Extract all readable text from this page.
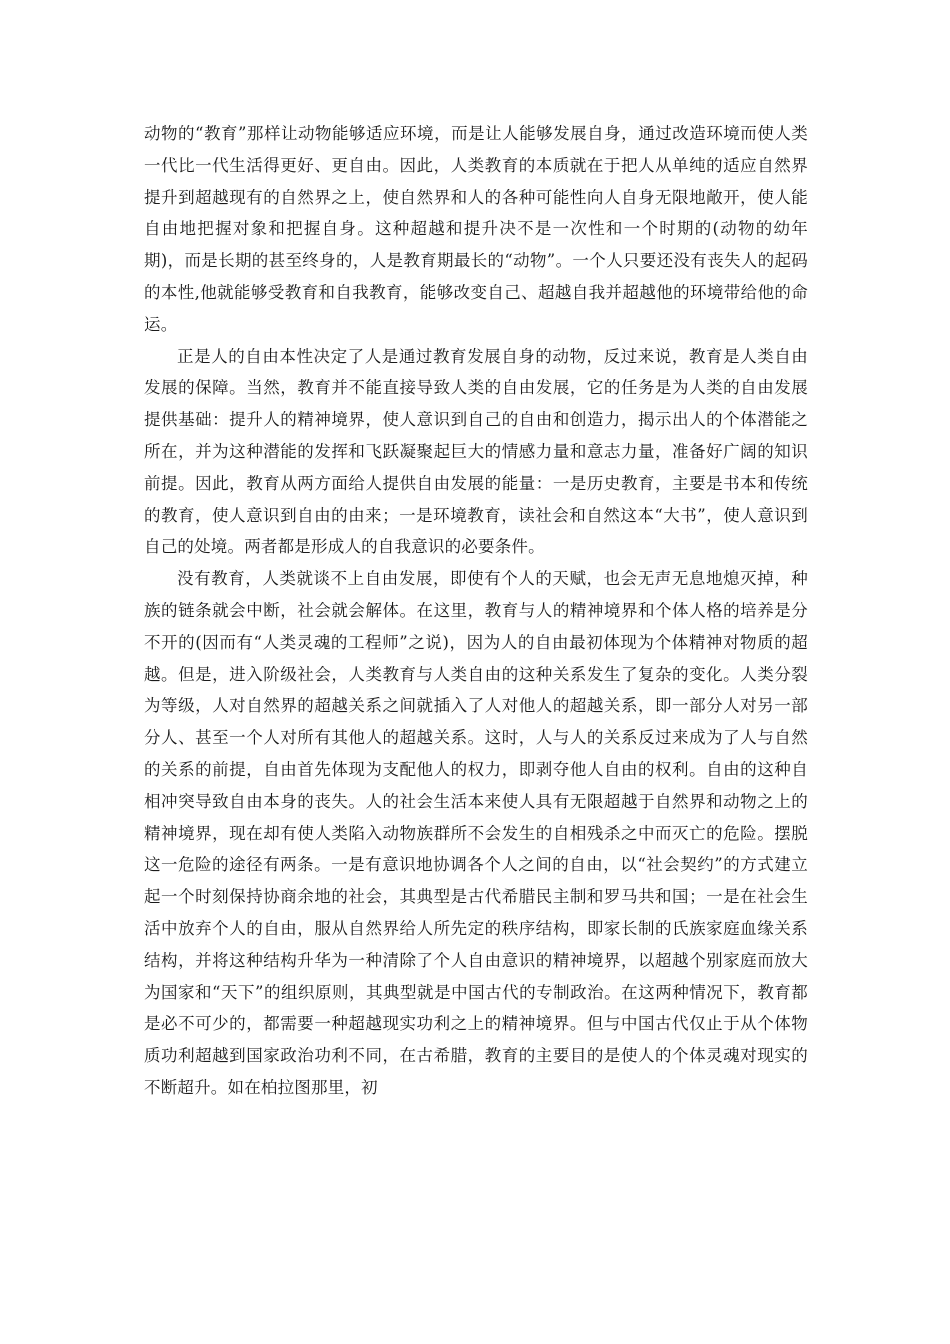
动物的“教育”那样让动物能够适应环境，而是让人能够发展自身，通过改造环境而使人类一代比一代生活得更好、更自由。因此，人类教育的本质就在于把人从单纯的适应自然界提升到超越现有的自然界之上，使自然界和人的各种可能性向人自身无限地敞开，使人能自由地把握对象和把握自身。这种超越和提升决不是一次性和一个时期的(动物的幼年期)，而是长期的甚至终身的，人是教育期最长的“动物”。一个人只要还没有丧失人的起码的本性,他就能够受教育和自我教育，能够改变自己、超越自我并超越他的环境带给他的命运。

正是人的自由本性决定了人是通过教育发展自身的动物，反过来说，教育是人类自由发展的保障。当然，教育并不能直接导致人类的自由发展，它的任务是为人类的自由发展提供基础：提升人的精神境界，使人意识到自己的自由和创造力，揭示出人的个体潜能之所在，并为这种潜能的发挥和飞跃凝聚起巨大的情感力量和意志力量，准备好广阔的知识前提。因此，教育从两方面给人提供自由发展的能量：一是历史教育，主要是书本和传统的教育，使人意识到自由的由来；一是环境教育，读社会和自然这本“大书”，使人意识到自己的处境。两者都是形成人的自我意识的必要条件。

没有教育，人类就谈不上自由发展，即使有个人的天赋，也会无声无息地熄灭掉，种族的链条就会中断，社会就会解体。在这里，教育与人的精神境界和个体人格的培养是分不开的(因而有“人类灵魂的工程师”之说)，因为人的自由最初体现为个体精神对物质的超越。但是，进入阶级社会，人类教育与人类自由的这种关系发生了复杂的变化。人类分裂为等级，人对自然界的超越关系之间就插入了人对他人的超越关系，即一部分人对另一部分人、甚至一个人对所有其他人的超越关系。这时，人与人的关系反过来成为了人与自然的关系的前提，自由首先体现为支配他人的权力，即剥夺他人自由的权利。自由的这种自相冲突导致自由本身的丧失。人的社会生活本来使人具有无限超越于自然界和动物之上的精神境界，现在却有使人类陷入动物族群所不会发生的自相残杀之中而灭亡的危险。摆脱这一危险的途径有两条。一是有意识地协调各个人之间的自由，以“社会契约”的方式建立起一个时刻保持协商余地的社会，其典型是古代希腊民主制和罗马共和国；一是在社会生活中放弃个人的自由，服从自然界给人所先定的秩序结构，即家长制的氏族家庭血缘关系结构，并将这种结构升华为一种清除了个人自由意识的精神境界，以超越个别家庭而放大为国家和“天下”的组织原则，其典型就是中国古代的专制政治。在这两种情况下，教育都是必不可少的，都需要一种超越现实功利之上的精神境界。但与中国古代仅止于从个体物质功利超越到国家政治功利不同，在古希腊，教育的主要目的是使人的个体灵魂对现实的不断超升。如在柏拉图那里，初
